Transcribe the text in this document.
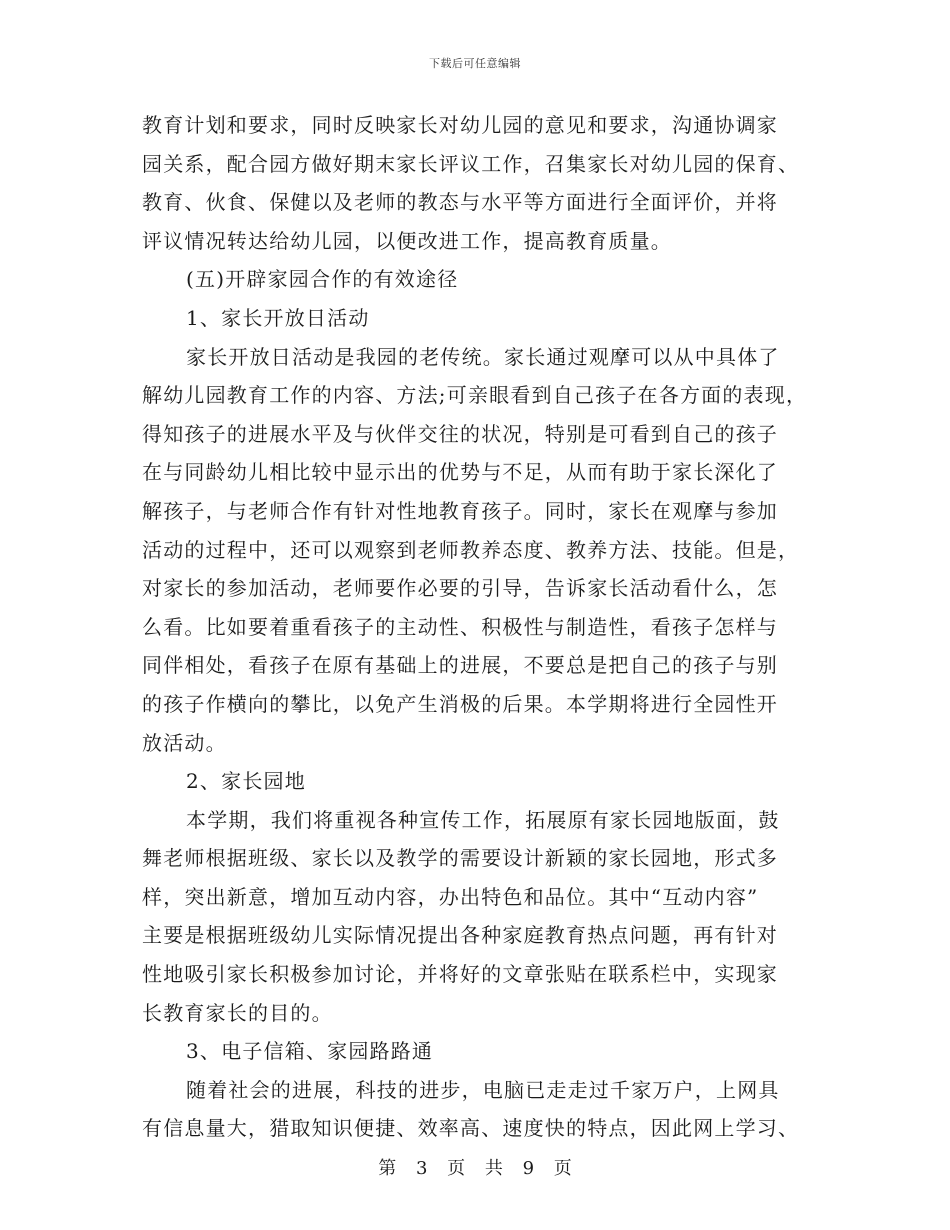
下载后可任意编辑
教育计划和要求，同时反映家长对幼儿园的意见和要求，沟通协调家
园关系，配合园方做好期末家长评议工作，召集家长对幼儿园的保育、
教育、伙食、保健以及老师的教态与水平等方面进行全面评价，并将
评议情况转达给幼儿园，以便改进工作，提高教育质量。
(五)开辟家园合作的有效途径
1、家长开放日活动
家长开放日活动是我园的老传统。家长通过观摩可以从中具体了
解幼儿园教育工作的内容、方法;可亲眼看到自己孩子在各方面的表现，
得知孩子的进展水平及与伙伴交往的状况，特别是可看到自己的孩子
在与同龄幼儿相比较中显示出的优势与不足，从而有助于家长深化了
解孩子，与老师合作有针对性地教育孩子。同时，家长在观摩与参加
活动的过程中，还可以观察到老师教养态度、教养方法、技能。但是，
对家长的参加活动，老师要作必要的引导，告诉家长活动看什么，怎
么看。比如要着重看孩子的主动性、积极性与制造性，看孩子怎样与
同伴相处，看孩子在原有基础上的进展，不要总是把自己的孩子与别
的孩子作横向的攀比，以免产生消极的后果。本学期将进行全园性开
放活动。
2、家长园地
本学期，我们将重视各种宣传工作，拓展原有家长园地版面，鼓
舞老师根据班级、家长以及教学的需要设计新颖的家长园地，形式多
样，突出新意，增加互动内容，办出特色和品位。其中“互动内容”
主要是根据班级幼儿实际情况提出各种家庭教育热点问题，再有针对
性地吸引家长积极参加讨论，并将好的文章张贴在联系栏中，实现家
长教育家长的目的。
3、电子信箱、家园路路通
随着社会的进展，科技的进步，电脑已走走过千家万户，上网具
有信息量大，猎取知识便捷、效率高、速度快的特点，因此网上学习、
第 3 页 共 9 页
